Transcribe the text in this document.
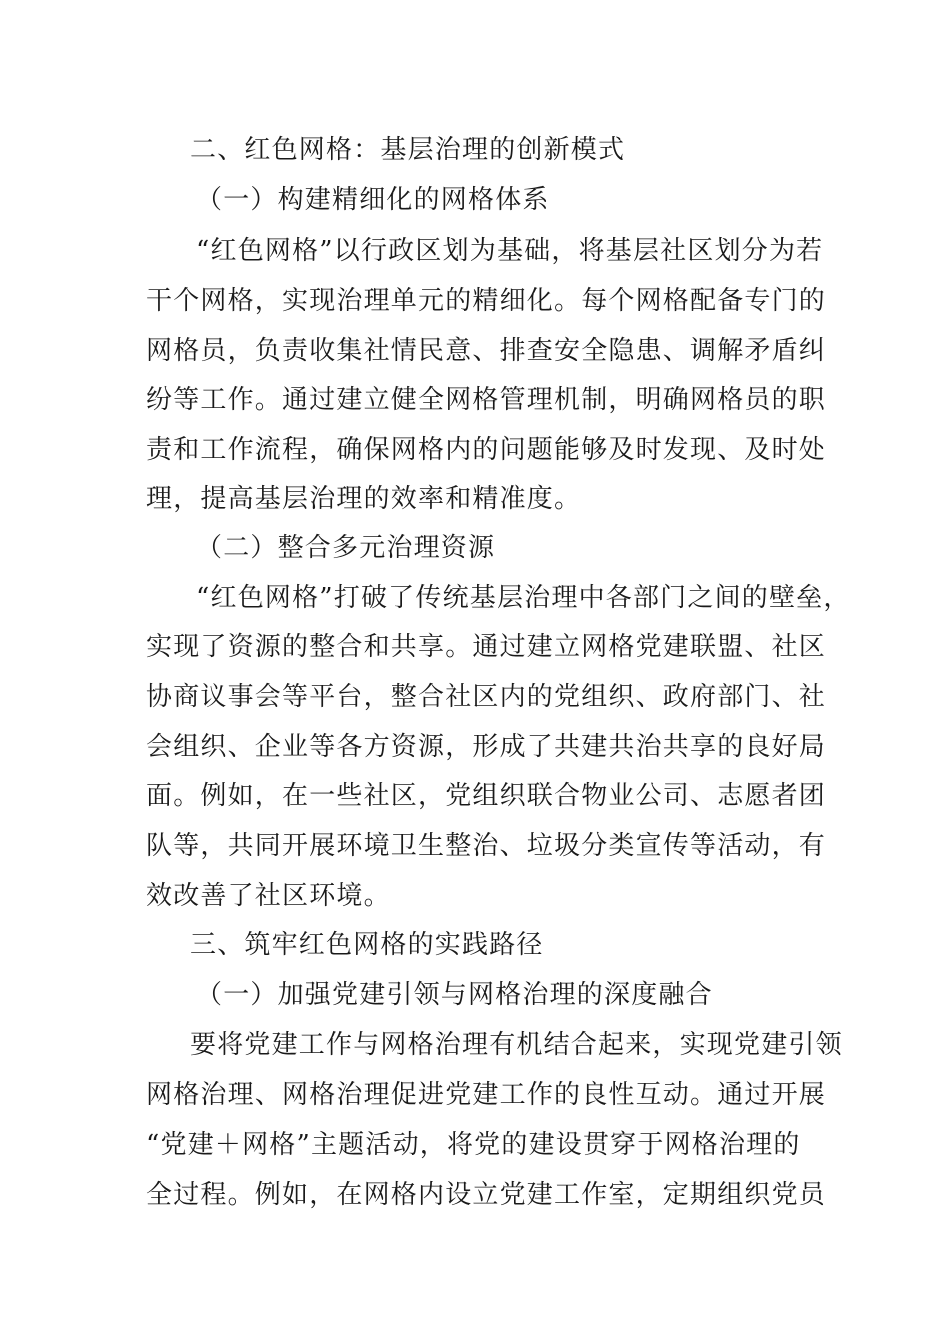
二、红色网格：基层治理的创新模式
（一）构建精细化的网格体系
“红色网格”以行政区划为基础，将基层社区划分为若
干个网格，实现治理单元的精细化。每个网格配备专门的
网格员，负责收集社情民意、排查安全隐患、调解矛盾纠
纷等工作。通过建立健全网格管理机制，明确网格员的职
责和工作流程，确保网格内的问题能够及时发现、及时处
理，提高基层治理的效率和精准度。
（二）整合多元治理资源
“红色网格”打破了传统基层治理中各部门之间的壁垒，
实现了资源的整合和共享。通过建立网格党建联盟、社区
协商议事会等平台，整合社区内的党组织、政府部门、社
会组织、企业等各方资源，形成了共建共治共享的良好局
面。例如，在一些社区，党组织联合物业公司、志愿者团
队等，共同开展环境卫生整治、垃圾分类宣传等活动，有
效改善了社区环境。
三、筑牢红色网格的实践路径
（一）加强党建引领与网格治理的深度融合
要将党建工作与网格治理有机结合起来，实现党建引领
网格治理、网格治理促进党建工作的良性互动。通过开展
“党建＋网格”主题活动，将党的建设贯穿于网格治理的
全过程。例如，在网格内设立党建工作室，定期组织党员
